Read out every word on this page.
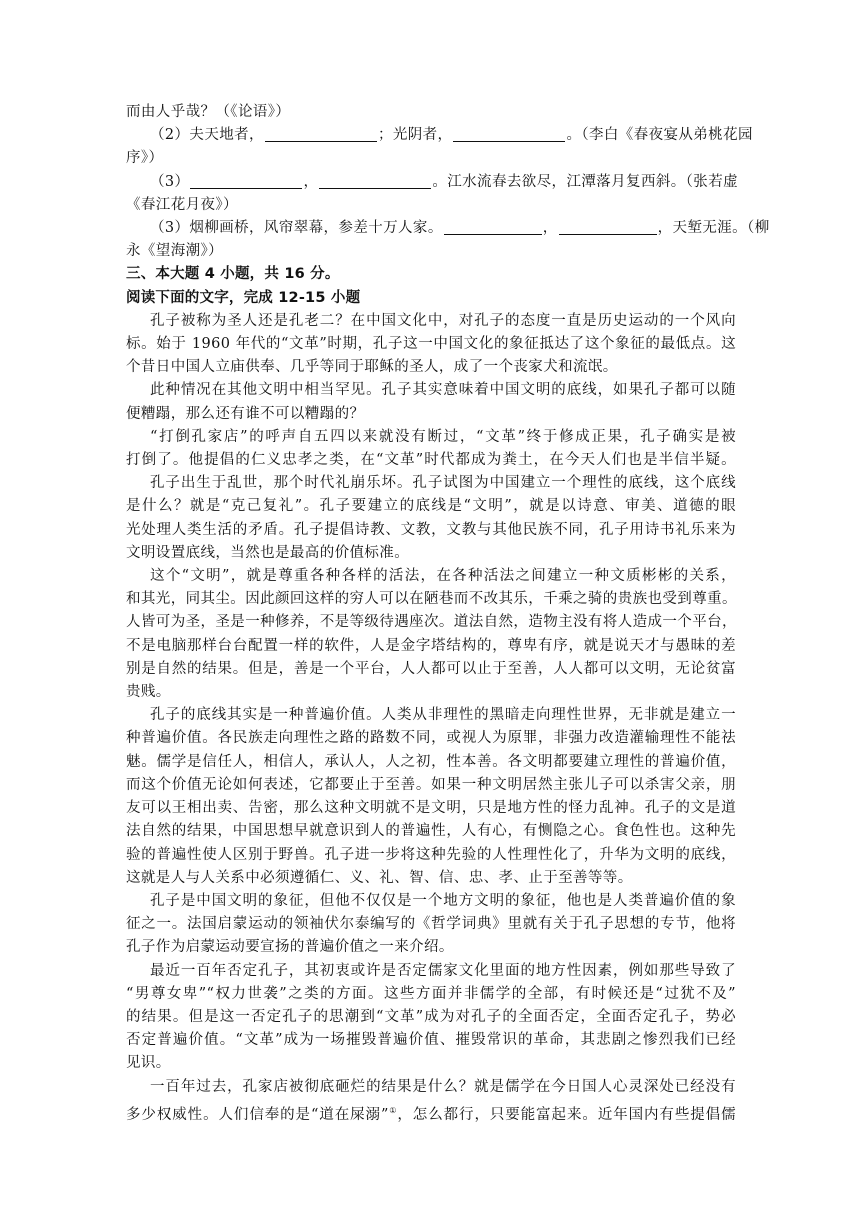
而由人乎哉？（《论语》）
（2）夫天地者，	；光阴者，	。（李白《春夜宴从弟桃花园
序》）
（3）	，	。江水流春去欲尽，江潭落月复西斜。（张若虚
《春江花月夜》）
（3）烟柳画桥，风帘翠幕，参差十万人家。	，	，天堑无涯。（柳
永《望海潮》）
三、本大题 4 小题，共 16 分。
阅读下面的文字，完成 12-15 小题
孔子被称为圣人还是孔老二？在中国文化中，对孔子的态度一直是历史运动的一个风向
标。始于 1960 年代的“文革”时期，孔子这一中国文化的象征抵达了这个象征的最低点。这
个昔日中国人立庙供奉、几乎等同于耶稣的圣人，成了一个丧家犬和流氓。
此种情况在其他文明中相当罕见。孔子其实意味着中国文明的底线，如果孔子都可以随
便糟蹋，那么还有谁不可以糟蹋的？
“打倒孔家店”的呼声自五四以来就没有断过，“文革”终于修成正果，孔子确实是被
打倒了。他提倡的仁义忠孝之类，在“文革”时代都成为粪土，在今天人们也是半信半疑。
孔子出生于乱世，那个时代礼崩乐坏。孔子试图为中国建立一个理性的底线，这个底线
是什么？就是“克己复礼”。孔子要建立的底线是“文明”，就是以诗意、审美、道德的眼
光处理人类生活的矛盾。孔子提倡诗教、文教，文教与其他民族不同，孔子用诗书礼乐来为
文明设置底线，当然也是最高的价值标准。
这个“文明”，就是尊重各种各样的活法，在各种活法之间建立一种文质彬彬的关系，
和其光，同其尘。因此颜回这样的穷人可以在陋巷而不改其乐，千乘之骑的贵族也受到尊重。
人皆可为圣，圣是一种修养，不是等级待遇座次。道法自然，造物主没有将人造成一个平台，
不是电脑那样台台配置一样的软件，人是金字塔结构的，尊卑有序，就是说天才与愚昧的差
别是自然的结果。但是，善是一个平台，人人都可以止于至善，人人都可以文明，无论贫富
贵贱。
孔子的底线其实是一种普遍价值。人类从非理性的黑暗走向理性世界，无非就是建立一
种普遍价值。各民族走向理性之路的路数不同，或视人为原罪，非强力改造灌输理性不能祛
魅。儒学是信任人，相信人，承认人，人之初，性本善。各文明都要建立理性的普遍价值，
而这个价值无论如何表述，它都要止于至善。如果一种文明居然主张儿子可以杀害父亲，朋
友可以王相出卖、告密，那么这种文明就不是文明，只是地方性的怪力乱神。孔子的文是道
法自然的结果，中国思想早就意识到人的普遍性，人有心，有恻隐之心。食色性也。这种先
验的普遍性使人区别于野兽。孔子进一步将这种先验的人性理性化了，升华为文明的底线，
这就是人与人关系中必须遵循仁、义、礼、智、信、忠、孝、止于至善等等。
孔子是中国文明的象征，但他不仅仅是一个地方文明的象征，他也是人类普遍价值的象
征之一。法国启蒙运动的领袖伏尔泰编写的《哲学词典》里就有关于孔子思想的专节，他将
孔子作为启蒙运动要宣扬的普遍价值之一来介绍。
最近一百年否定孔子，其初衷或许是否定儒家文化里面的地方性因素，例如那些导致了
“男尊女卑”“权力世袭”之类的方面。这些方面并非儒学的全部，有时候还是“过犹不及”
的结果。但是这一否定孔子的思潮到“文革”成为对孔子的全面否定，全面否定孔子，势必
否定普遍价值。“文革”成为一场摧毁普遍价值、摧毁常识的革命，其悲剧之惨烈我们已经
见识。
一百年过去，孔家店被彻底砸烂的结果是什么？就是儒学在今日国人心灵深处已经没有
多少权威性。人们信奉的是“道在屎溺”①，怎么都行，只要能富起来。近年国内有些提倡儒
